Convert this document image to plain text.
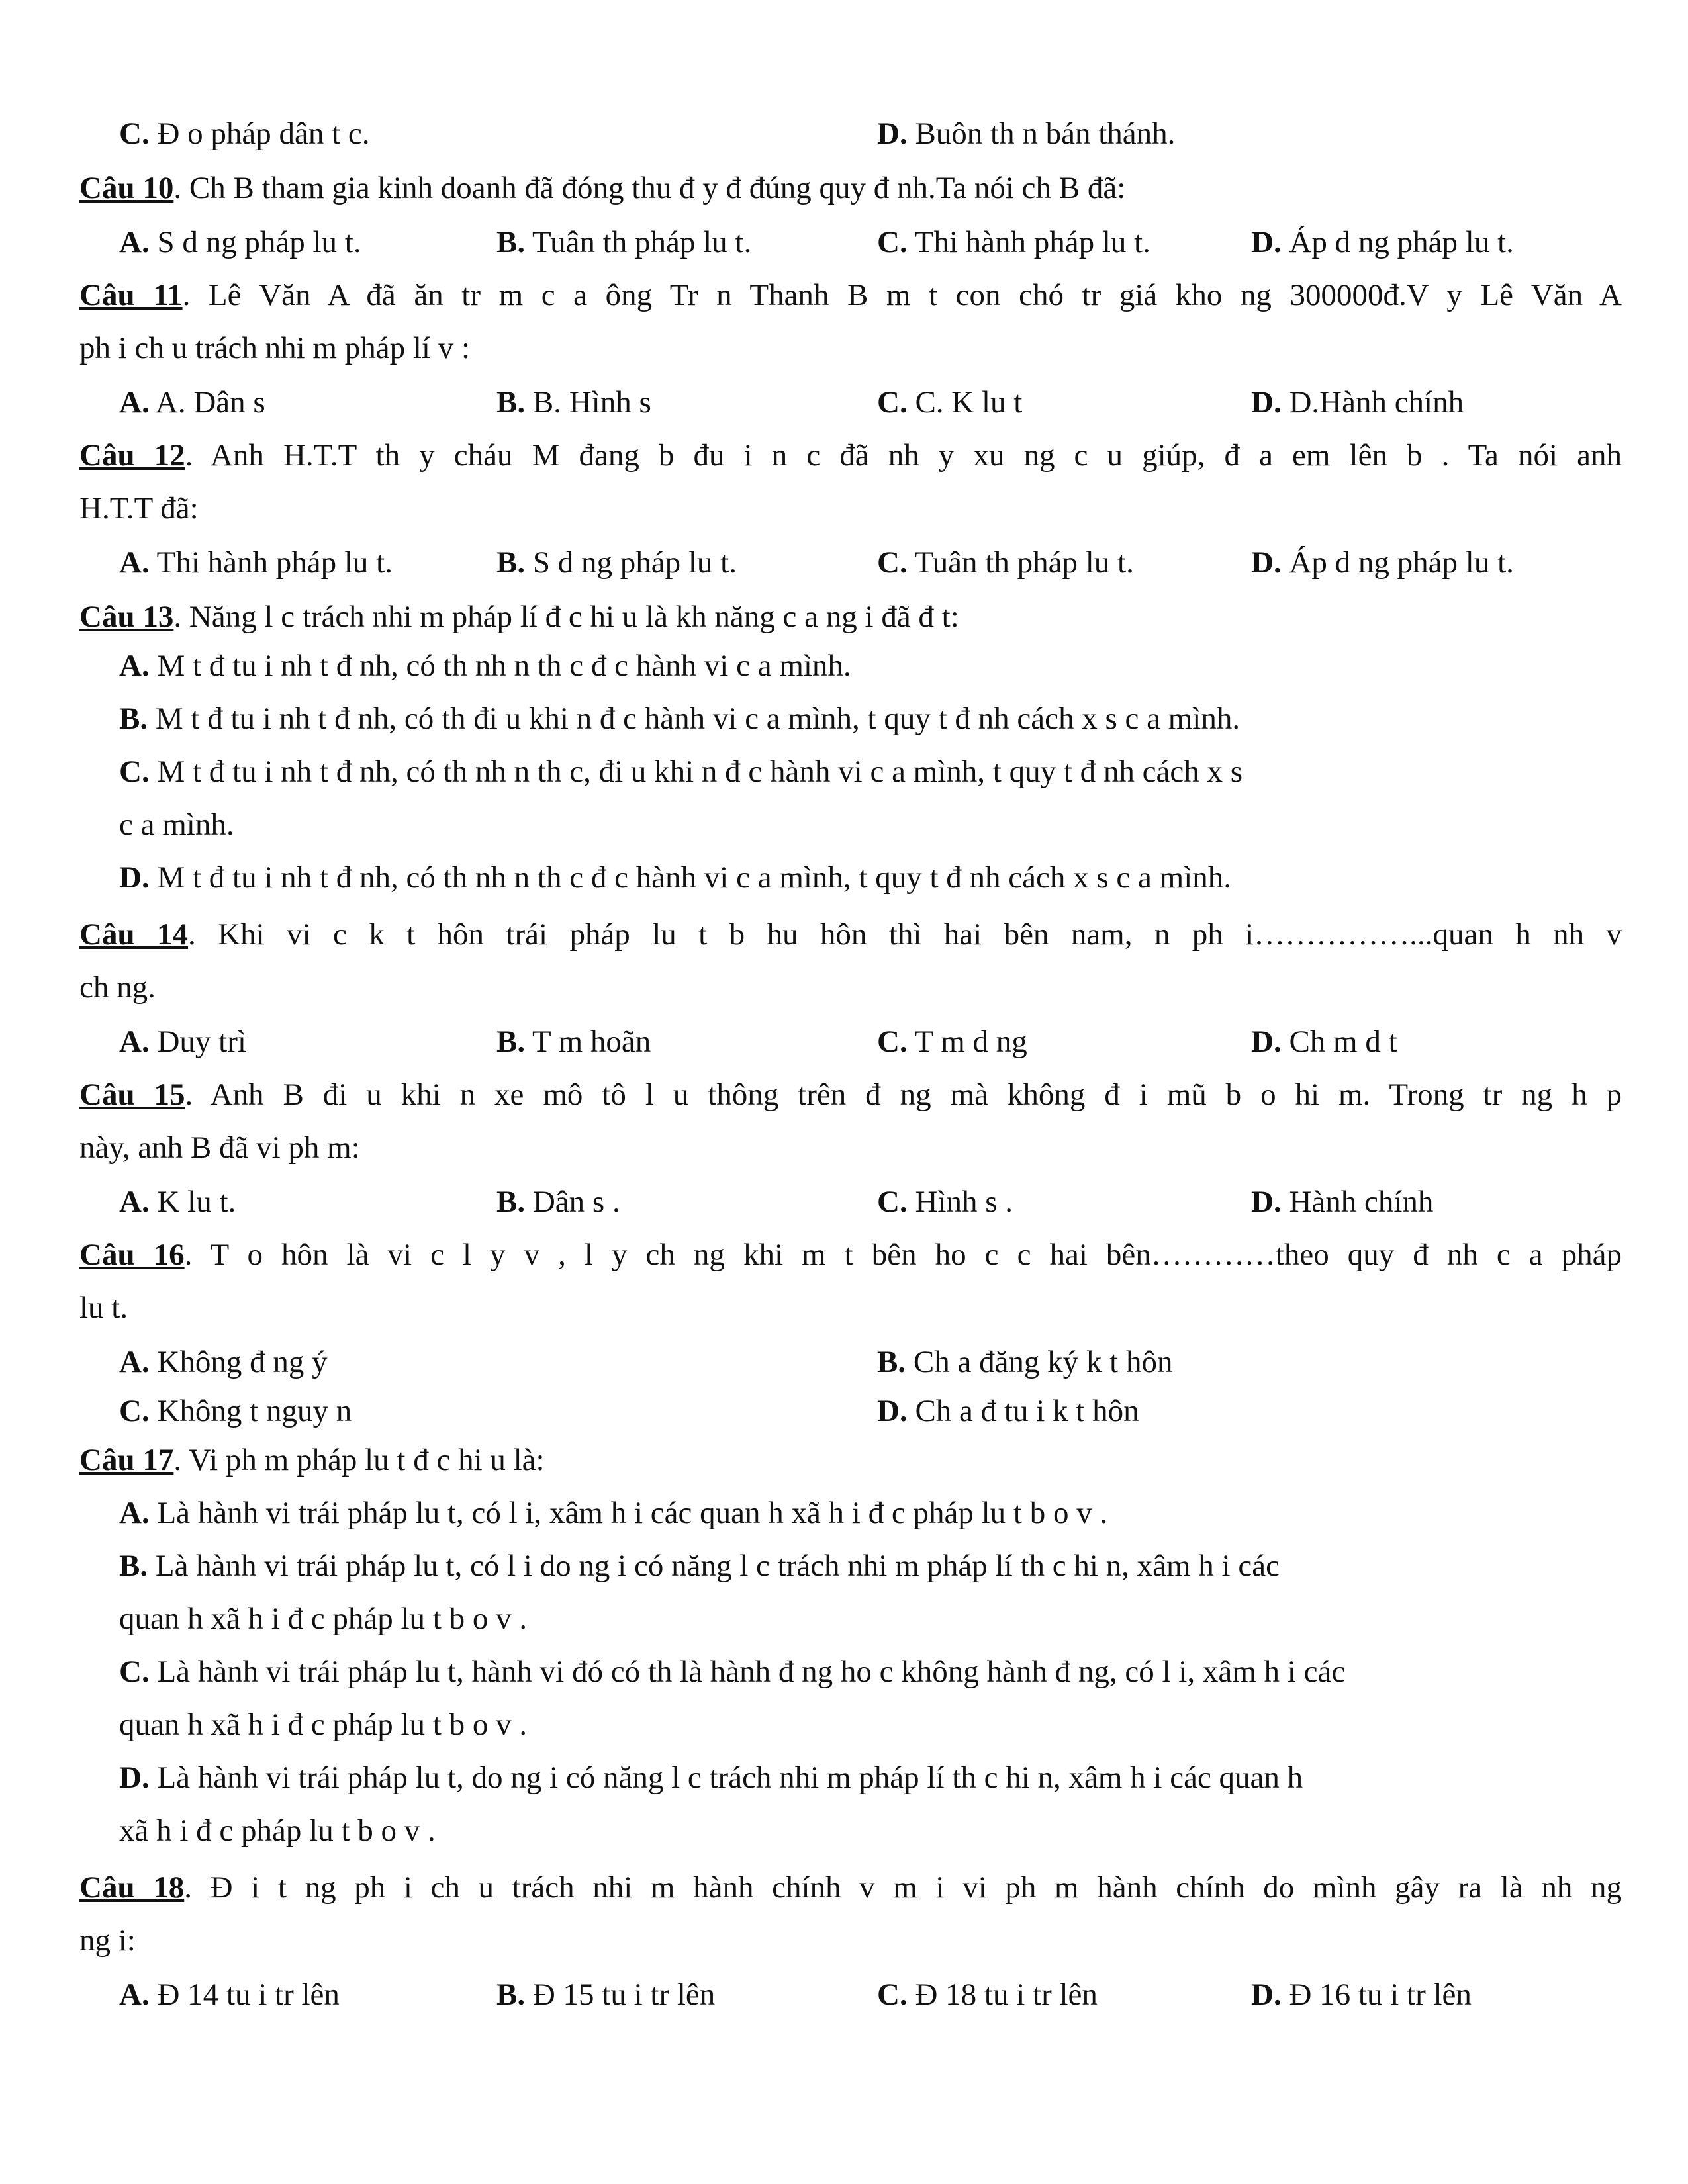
C. Đ o pháp dân t c.	D. Buôn th n bán thánh.
Câu 10. Ch B tham gia kinh doanh đã đóng thu đ y đ đúng quy đ nh.Ta nói ch B đã:
A. S d ng pháp lu t.	B. Tuân th pháp lu t.	C. Thi hành pháp lu t.	D. Áp d ng pháp lu t.
Câu 11. Lê Văn A đã ăn tr m c a ông Tr n Thanh B m t con chó tr giá kho ng 300000đ.V y Lê Văn A
ph i ch u trách nhi m pháp lí v :
A. A. Dân s	B. B. Hình s	C. C. K lu t	D. D.Hành chính
Câu 12. Anh H.T.T th y cháu M đang b đu i n c đã nh y xu ng c u giúp, đ a em lên b . Ta nói anh
H.T.T đã:
A. Thi hành pháp lu t.	B. S d ng pháp lu t.	C. Tuân th pháp lu t.	D. Áp d ng pháp lu t.
Câu 13. Năng l c trách nhi m pháp lí đ c hi u là kh năng c a ng i đã đ t:
A. M t đ tu i nh t đ nh, có th nh n th c đ c hành vi c a mình.
B. M t đ tu i nh t đ nh, có th đi u khi n đ c hành vi c a mình, t quy t đ nh cách x s c a mình.
C. M t đ tu i nh t đ nh, có th nh n th c, đi u khi n đ c hành vi c a mình, t quy t đ nh cách x s
c a mình.
D. M t đ tu i nh t đ nh, có th nh n th c đ c hành vi c a mình, t quy t đ nh cách x s c a mình.
Câu 14. Khi vi c k t hôn trái pháp lu t b hu hôn thì hai bên nam, n ph i……………...quan h nh v
ch ng.
A. Duy trì	B. T m hoãn	C. T m d ng	D. Ch m d t
Câu 15. Anh B đi u khi n xe mô tô l u thông trên đ ng mà không đ i mũ b o hi m. Trong tr ng h p
này, anh B đã vi ph m:
A. K lu t.	B. Dân s .	C. Hình s .	D. Hành chính
Câu 16. T o hôn là vi c l y v , l y ch ng khi m t bên ho c c hai bên…………theo quy đ nh c a pháp
lu t.
A. Không đ ng ý	B. Ch a đăng ký k t hôn
C. Không t nguy n	D. Ch a đ tu i k t hôn
Câu 17. Vi ph m pháp lu t đ c hi u là:
A. Là hành vi trái pháp lu t, có l i, xâm h i các quan h xã h i đ c pháp lu t b o v .
B. Là hành vi trái pháp lu t, có l i do ng i có năng l c trách nhi m pháp lí th c hi n, xâm h i các
quan h xã h i đ c pháp lu t b o v .
C. Là hành vi trái pháp lu t, hành vi đó có th là hành đ ng ho c không hành đ ng, có l i, xâm h i các
quan h xã h i đ c pháp lu t b o v .
D. Là hành vi trái pháp lu t, do ng i có năng l c trách nhi m pháp lí th c hi n, xâm h i các quan h
xã h i đ c pháp lu t b o v .
Câu 18. Đ i t ng ph i ch u trách nhi m hành chính v m i vi ph m hành chính do mình gây ra là nh ng
ng i:
A. Đ 14 tu i tr lên	B. Đ 15 tu i tr lên	C. Đ 18 tu i tr lên	D. Đ 16 tu i tr lên
